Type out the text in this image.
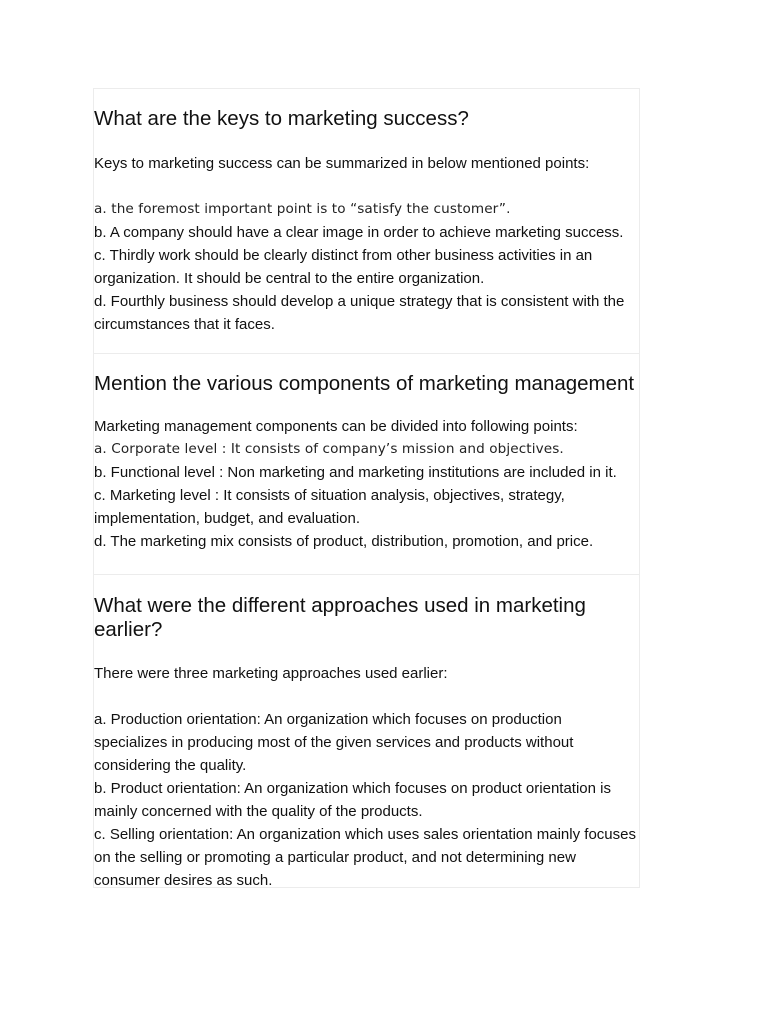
What are the keys to marketing success?

Keys to marketing success can be summarized in below mentioned points:

a. the foremost important point is to “satisfy the customer”.
b. A company should have a clear image in order to achieve marketing success.
c. Thirdly work should be clearly distinct from other business activities in an organization. It should be central to the entire organization.
d. Fourthly business should develop a unique strategy that is consistent with the circumstances that it faces.
Mention the various components of marketing management

Marketing management components can be divided into following points:

a. Corporate level : It consists of company’s mission and objectives.
b. Functional level : Non marketing and marketing institutions are included in it.
c. Marketing level : It consists of situation analysis, objectives, strategy, implementation, budget, and evaluation.
d. The marketing mix consists of product, distribution, promotion, and price.
What were the different approaches used in marketing earlier?

There were three marketing approaches used earlier:

a. Production orientation: An organization which focuses on production specializes in producing most of the given services and products without considering the quality.
b. Product orientation: An organization which focuses on product orientation is mainly concerned with the quality of the products.
c. Selling orientation: An organization which uses sales orientation mainly focuses on the selling or promoting a particular product, and not determining new consumer desires as such.
